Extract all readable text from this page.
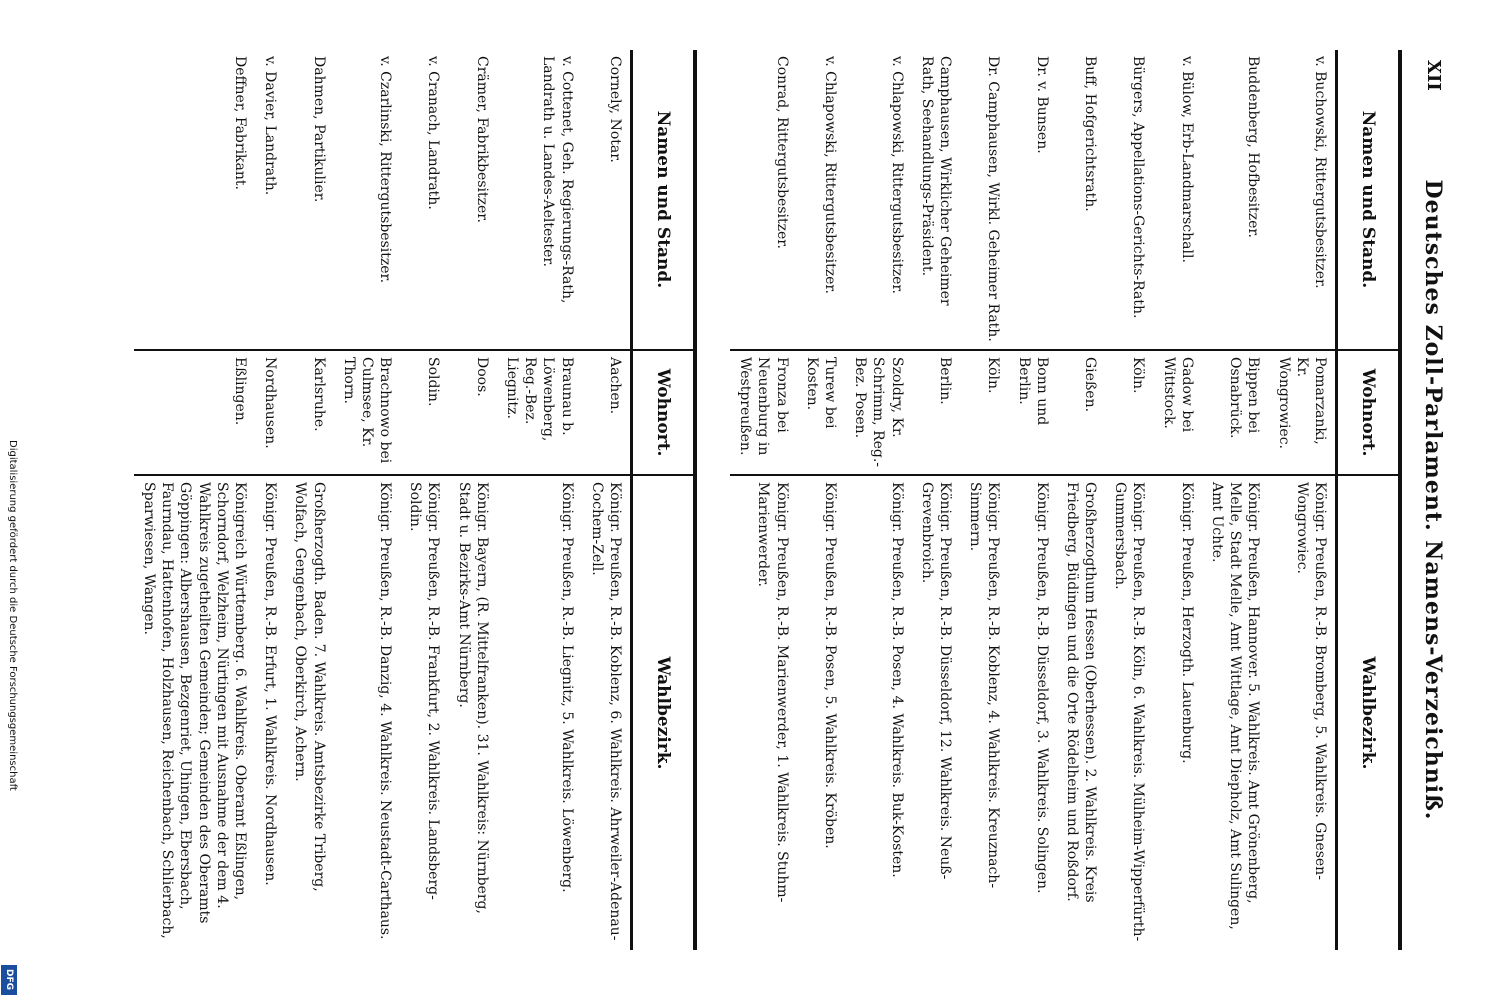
XII
Deutsches Zoll-Parlament. Namens-Verzeichniß.
Namen und Stand.	Wohnort.	Wahlbezirk.
v. Buchowski, Rittergutsbesitzer.	Pomarzanki, Kr. Wongrowiec.	Königr. Preußen, R.-B. Bromberg, 5. Wahlkreis. Gnesen-Wongrowiec.
Buddenberg, Hofbesitzer.	Bippen bei Osnabrück.	Königr. Preußen, Hannover. 5. Wahlkreis. Amt Grönenberg, Melle, Stadt Melle, Amt Wittlage, Amt Diepholz, Amt Sulingen, Amt Uchte.
v. Bülow, Erb-Landmarschall.	Gadow bei Wittstock.	Königr. Preußen, Herzogth. Lauenburg.
Bürgers, Appellations-Gerichts-Rath.	Köln.	Königr. Preußen, R.-B. Köln, 6. Wahlkreis. Mülheim-Wipperfürth-Gummersbach.
Buff, Hofgerichtsrath.	Gießen.	Großherzogthum Hessen (Oberhessen). 2. Wahlkreis. Kreis Friedberg, Büdingen und die Orte Rödelheim und Roßdorf.
Dr. v. Bunsen.	Bonn und Berlin.	Königr. Preußen, R.-B. Düsseldorf, 3. Wahlkreis. Solingen.
Dr. Camphausen, Wirkl. Geheimer Rath.	Köln.	Königr. Preußen, R.-B. Koblenz, 4. Wahlkreis. Kreuznach-Simmern.
Camphausen, Wirklicher Geheimer Rath, Seehandlungs-Präsident.	Berlin.	Königr. Preußen, R.-B. Düsseldorf, 12. Wahlkreis. Neuß-Grevenbroich.
v. Chlapowski, Rittergutsbesitzer.	Szoldry, Kr. Schrimm, Reg.-Bez. Posen.	Königr. Preußen, R.-B. Posen, 4. Wahlkreis. Buk-Kosten.
v. Chlapowski, Rittergutsbesitzer.	Turew bei Kosten.	Königr. Preußen, R.-B. Posen, 5. Wahlkreis. Kröben.
Conrad, Rittergutsbesitzer.	Fronza bei Neuenburg in Westpreußen.	Königr. Preußen, R.-B. Marienwerder, 1. Wahlkreis. Stuhm-Marienwerder.
Namen und Stand.	Wohnort.	Wahlbezirk.
Cornely, Notar.	Aachen.	Königr. Preußen, R.-B. Koblenz, 6. Wahlkreis. Ahrweiler-Adenau-Cochem-Zell.
v. Cottenet, Geh. Regierungs-Rath, Landrath u. Landes-Aeltester.	Braunau b. Löwenberg, Reg.-Bez. Liegnitz.	Königr. Preußen, R.-B. Liegnitz, 5. Wahlkreis. Löwenberg.
Crämer, Fabrikbesitzer.	Doos.	Königr. Bayern, (R. Mittelfranken). 31. Wahlkreis: Nürnberg, Stadt u. Bezirks-Amt Nürnberg.
v. Cranach, Landrath.	Soldin.	Königr. Preußen, R.-B. Frankfurt, 2. Wahlkreis. Landsberg-Soldin.
v. Czarlinski, Rittergutsbesitzer.	Brachnowo bei Culmsee, Kr. Thorn.	Königr. Preußen, R.-B. Danzig, 4. Wahlkreis. Neustadt-Carthaus.
Dahmen, Partikulier.	Karlsruhe.	Großherzogth. Baden. 7. Wahlkreis. Amtsbezirke Triberg, Wolfach, Gengenbach, Oberkirch, Achern.
v. Davier, Landrath.	Nordhausen.	Königr. Preußen, R.-B. Erfurt, 1. Wahlkreis. Nordhausen.
Deffner, Fabrikant.	Eßlingen.	Königreich Württemberg. 6. Wahlkreis. Oberamt Eßlingen, Schorndorf, Welzheim, Nürtingen mit Ausnahme der dem 4. Wahlkreis zugetheilten Gemeinden; Gemeinden des Oberamts Göppingen: Albershausen, Bezgenriet, Uhingen, Ebersbach, Faurndau, Hattenhofen, Holzhausen, Reichenbach, Schlierbach, Sparwiesen, Wangen.
Digitalisierung gefördert durch die Deutsche Forschungsgemeinschaft
DFG
